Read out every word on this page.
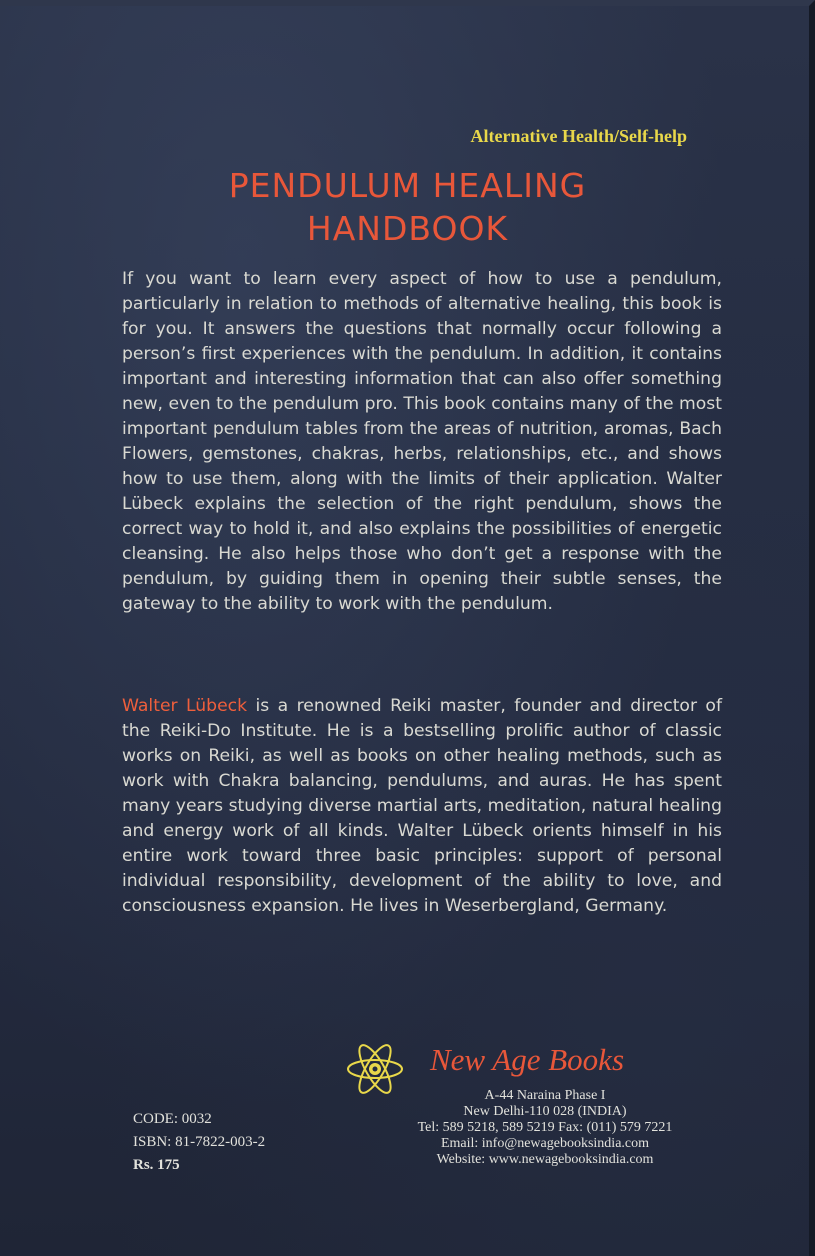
Alternative Health/Self-help
PENDULUM HEALING
HANDBOOK

If you want to learn every aspect of how to use a pendulum, particularly in relation to methods of alternative healing, this book is for you. It answers the questions that normally occur following a person’s first experiences with the pendulum. In addition, it contains important and interesting information that can also offer something new, even to the pendulum pro. This book contains many of the most important pendulum tables from the areas of nutrition, aromas, Bach Flowers, gemstones, chakras, herbs, relationships, etc., and shows how to use them, along with the limits of their application. Walter Lübeck explains the selection of the right pendulum, shows the correct way to hold it, and also explains the possibilities of energetic cleansing. He also helps those who don’t get a response with the pendulum, by guiding them in opening their subtle senses, the gateway to the ability to work with the pendulum.

Walter Lübeck is a renowned Reiki master, founder and director of the Reiki-Do Institute. He is a bestselling prolific author of classic works on Reiki, as well as books on other healing methods, such as work with Chakra balancing, pendulums, and auras. He has spent many years studying diverse martial arts, meditation, natural healing and energy work of all kinds. Walter Lübeck orients himself in his entire work toward three basic principles: support of personal individual responsibility, development of the ability to love, and consciousness expansion. He lives in Weserbergland, Germany.

New Age Books
A-44 Naraina Phase I
New Delhi-110 028 (INDIA)
Tel: 589 5218, 589 5219 Fax: (011) 579 7221
Email: info@newagebooksindia.com
Website: www.newagebooksindia.com
CODE: 0032
ISBN: 81-7822-003-2
Rs. 175
